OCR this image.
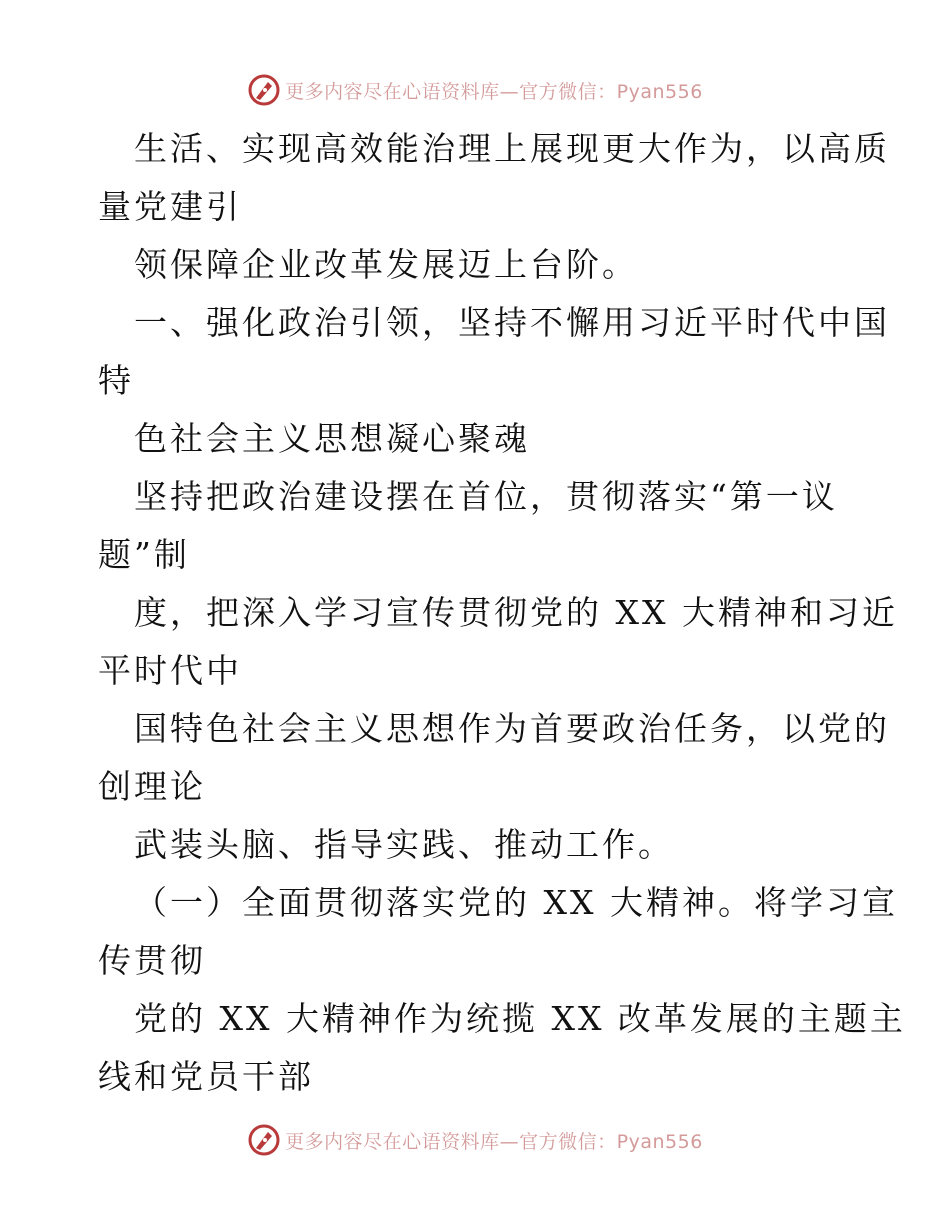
更多内容尽在心语资料库—官方微信：Pyan556

生活、实现高效能治理上展现更大作为，以高质
量党建引

领保障企业改革发展迈上台阶。

一、强化政治引领，坚持不懈用习近平时代中国
特

色社会主义思想凝心聚魂

坚持把政治建设摆在首位，贯彻落实“第一议
题”制

度，把深入学习宣传贯彻党的 XX 大精神和习近
平时代中

国特色社会主义思想作为首要政治任务，以党的
创理论

武装头脑、指导实践、推动工作。

（一）全面贯彻落实党的 XX 大精神。将学习宣
传贯彻

党的 XX 大精神作为统揽 XX 改革发展的主题主
线和党员干部

更多内容尽在心语资料库—官方微信：Pyan556
